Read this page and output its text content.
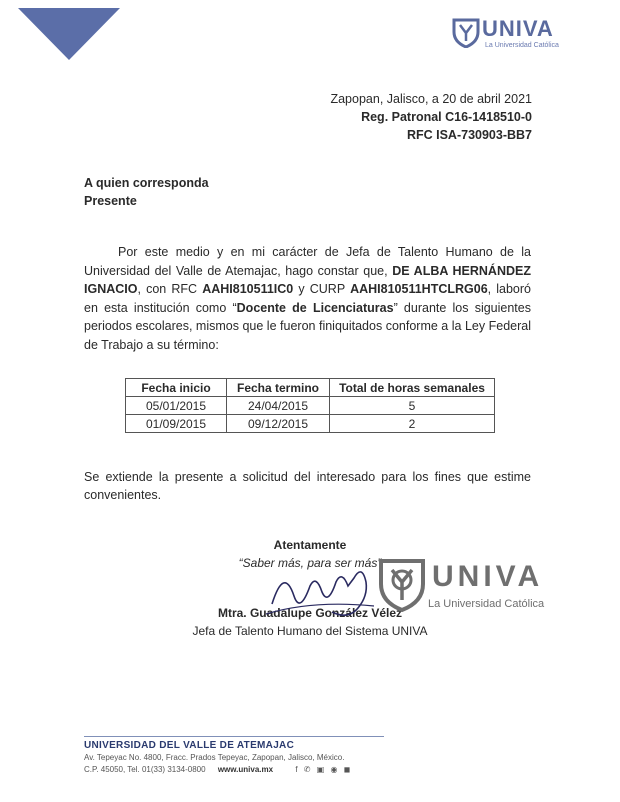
UNIVA
La Universidad Católica
Zapopan, Jalisco, a 20 de abril 2021
Reg. Patronal C16-1418510-0
RFC ISA-730903-BB7
A quien corresponda
Presente
Por este medio y en mi carácter de Jefa de Talento Humano de la Universidad del Valle de Atemajac, hago constar que, DE ALBA HERNÁNDEZ IGNACIO, con RFC AAHI810511IC0 y CURP AAHI810511HTCLRG06, laboró en esta institución como “Docente de Licenciaturas” durante los siguientes periodos escolares, mismos que le fueron finiquitados conforme a la Ley Federal de Trabajo a su término:
Fecha inicio	Fecha termino	Total de horas semanales
05/01/2015	24/04/2015	5
01/09/2015	09/12/2015	2
Se extiende la presente a solicitud del interesado para los fines que estime convenientes.
Atentamente
“Saber más, para ser más”
Mtra. Guadalupe González Vélez
Jefa de Talento Humano del Sistema UNIVA
UNIVA
La Universidad Católica
UNIVERSIDAD DEL VALLE DE ATEMAJAC
Av. Tepeyac No. 4800, Fracc. Prados Tepeyac, Zapopan, Jalisco, México.
C.P. 45050, Tel. 01(33) 3134-0800 www.univa.mx	f ✆ ▣ ◉ ◼
